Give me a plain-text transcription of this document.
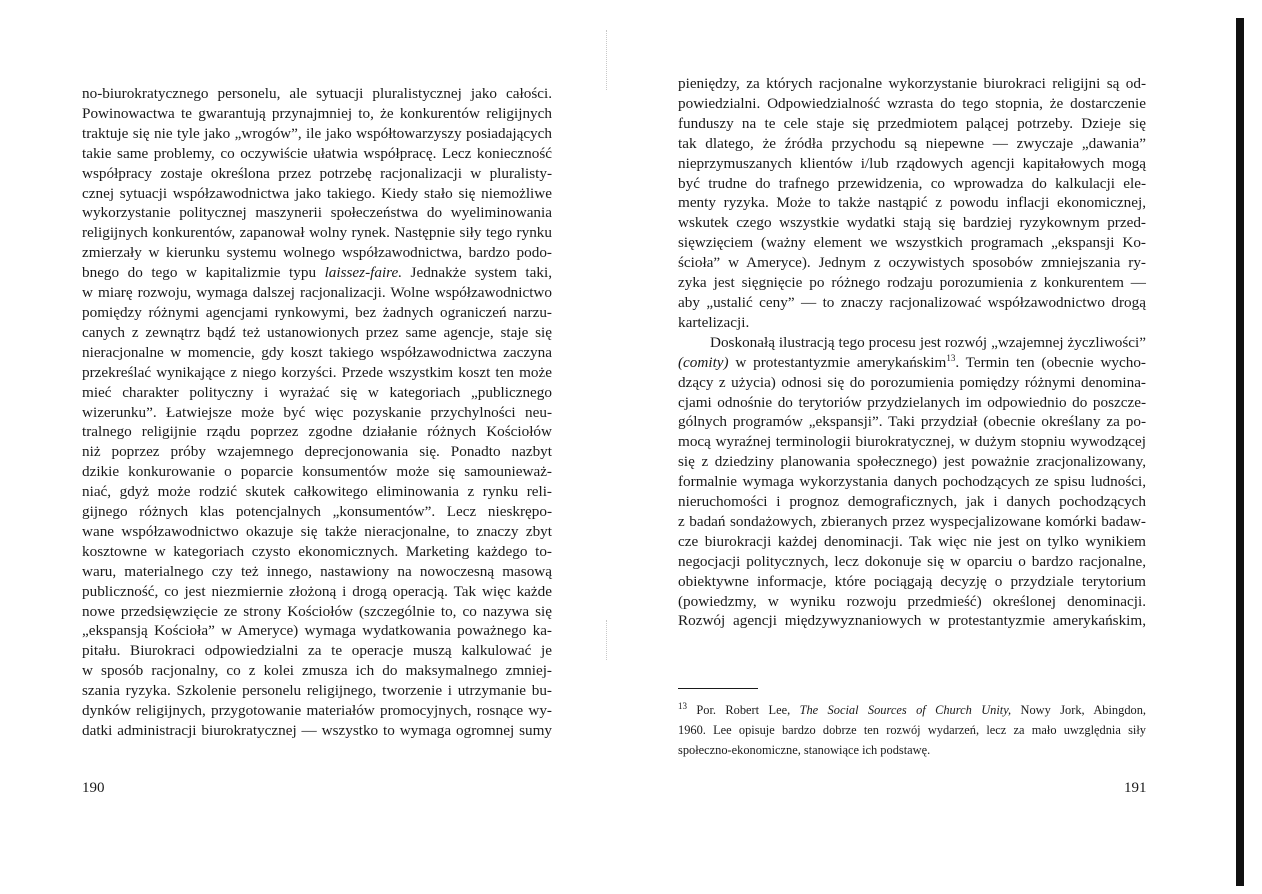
no-biurokratycznego personelu, ale sytuacji pluralistycznej jako całości.
Powinowactwa te gwarantują przynajmniej to, że konkurentów religijnych
traktuje się nie tyle jako „wrogów”, ile jako współtowarzyszy posiadających
takie same problemy, co oczywiście ułatwia współpracę. Lecz konieczność
współpracy zostaje określona przez potrzebę racjonalizacji w pluralisty-
cznej sytuacji współzawodnictwa jako takiego. Kiedy stało się niemożliwe
wykorzystanie politycznej maszynerii społeczeństwa do wyeliminowania
religijnych konkurentów, zapanował wolny rynek. Następnie siły tego rynku
zmierzały w kierunku systemu wolnego współzawodnictwa, bardzo podo-
bnego do tego w kapitalizmie typu laissez-faire. Jednakże system taki,
w miarę rozwoju, wymaga dalszej racjonalizacji. Wolne współzawodnictwo
pomiędzy różnymi agencjami rynkowymi, bez żadnych ograniczeń narzu-
canych z zewnątrz bądź też ustanowionych przez same agencje, staje się
nieracjonalne w momencie, gdy koszt takiego współzawodnictwa zaczyna
przekreślać wynikające z niego korzyści. Przede wszystkim koszt ten może
mieć charakter polityczny i wyrażać się w kategoriach „publicznego
wizerunku”. Łatwiejsze może być więc pozyskanie przychylności neu-
tralnego religijnie rządu poprzez zgodne działanie różnych Kościołów
niż poprzez próby wzajemnego deprecjonowania się. Ponadto nazbyt
dzikie konkurowanie o poparcie konsumentów może się samounieważ-
niać, gdyż może rodzić skutek całkowitego eliminowania z rynku reli-
gijnego różnych klas potencjalnych „konsumentów”. Lecz nieskrępo-
wane współzawodnictwo okazuje się także nieracjonalne, to znaczy zbyt
kosztowne w kategoriach czysto ekonomicznych. Marketing każdego to-
waru, materialnego czy też innego, nastawiony na nowoczesną masową
publiczność, co jest niezmiernie złożoną i drogą operacją. Tak więc każde
nowe przedsięwzięcie ze strony Kościołów (szczególnie to, co nazywa się
„ekspansją Kościoła” w Ameryce) wymaga wydatkowania poważnego ka-
pitału. Biurokraci odpowiedzialni za te operacje muszą kalkulować je
w sposób racjonalny, co z kolei zmusza ich do maksymalnego zmniej-
szania ryzyka. Szkolenie personelu religijnego, tworzenie i utrzymanie bu-
dynków religijnych, przygotowanie materiałów promocyjnych, rosnące wy-
datki administracji biurokratycznej — wszystko to wymaga ogromnej sumy
190
pieniędzy, za których racjonalne wykorzystanie biurokraci religijni są od-
powiedzialni. Odpowiedzialność wzrasta do tego stopnia, że dostarczenie
funduszy na te cele staje się przedmiotem palącej potrzeby. Dzieje się
tak dlatego, że źródła przychodu są niepewne — zwyczaje „dawania”
nieprzymuszanych klientów i/lub rządowych agencji kapitałowych mogą
być trudne do trafnego przewidzenia, co wprowadza do kalkulacji ele-
menty ryzyka. Może to także nastąpić z powodu inflacji ekonomicznej,
wskutek czego wszystkie wydatki stają się bardziej ryzykownym przed-
sięwzięciem (ważny element we wszystkich programach „ekspansji Ko-
ścioła” w Ameryce). Jednym z oczywistych sposobów zmniejszania ry-
zyka jest sięgnięcie po różnego rodzaju porozumienia z konkurentem —
aby „ustalić ceny” — to znaczy racjonalizować współzawodnictwo drogą
kartelizacji.
Doskonałą ilustracją tego procesu jest rozwój „wzajemnej życzliwości”
(comity) w protestantyzmie amerykańskim$^{13}$. Termin ten (obecnie wycho-
dzący z użycia) odnosi się do porozumienia pomiędzy różnymi denomina-
cjami odnośnie do terytoriów przydzielanych im odpowiednio do poszcze-
gólnych programów „ekspansji”. Taki przydział (obecnie określany za po-
mocą wyraźnej terminologii biurokratycznej, w dużym stopniu wywodzącej
się z dziedziny planowania społecznego) jest poważnie zracjonalizowany,
formalnie wymaga wykorzystania danych pochodzących ze spisu ludności,
nieruchomości i prognoz demograficznych, jak i danych pochodzących
z badań sondażowych, zbieranych przez wyspecjalizowane komórki badaw-
cze biurokracji każdej denominacji. Tak więc nie jest on tylko wynikiem
negocjacji politycznych, lecz dokonuje się w oparciu o bardzo racjonalne,
obiektywne informacje, które pociągają decyzję o przydziale terytorium
(powiedzmy, w wyniku rozwoju przedmieść) określonej denominacji.
Rozwój agencji międzywyznaniowych w protestantyzmie amerykańskim,
$^{13}$ Por. Robert Lee, The Social Sources of Church Unity, Nowy Jork, Abingdon,
1960. Lee opisuje bardzo dobrze ten rozwój wydarzeń, lecz za mało uwzględnia siły
społeczno-ekonomiczne, stanowiące ich podstawę.
191
